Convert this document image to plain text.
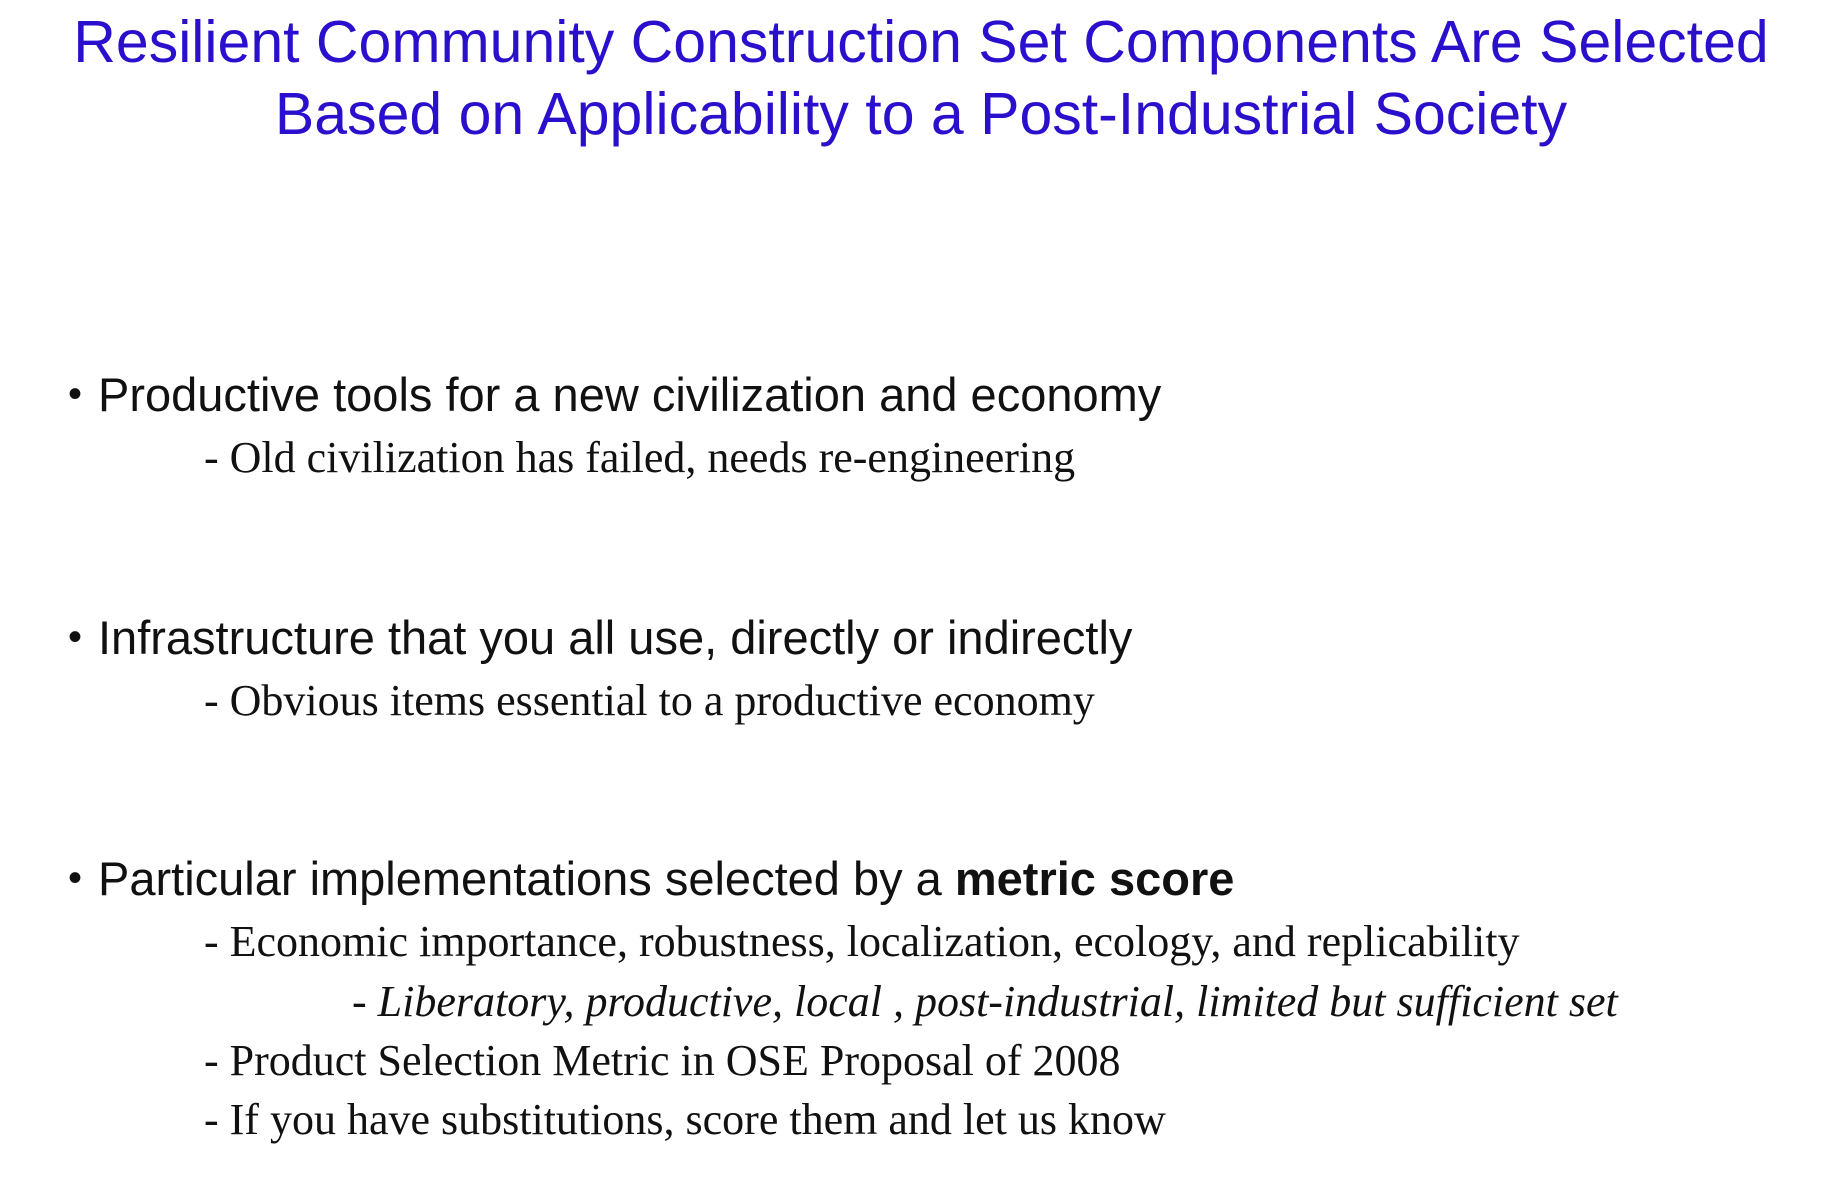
Resilient Community Construction Set Components Are Selected
Based on Applicability to a Post-Industrial Society
• Productive tools for a new civilization and economy
- Old civilization has failed, needs re-engineering
• Infrastructure that you all use, directly or indirectly
- Obvious items essential to a productive economy
• Particular implementations selected by a metric score
- Economic importance, robustness, localization, ecology, and replicability
- Liberatory, productive, local , post-industrial, limited but sufficient set
- Product Selection Metric in OSE Proposal of 2008
- If you have substitutions, score them and let us know
